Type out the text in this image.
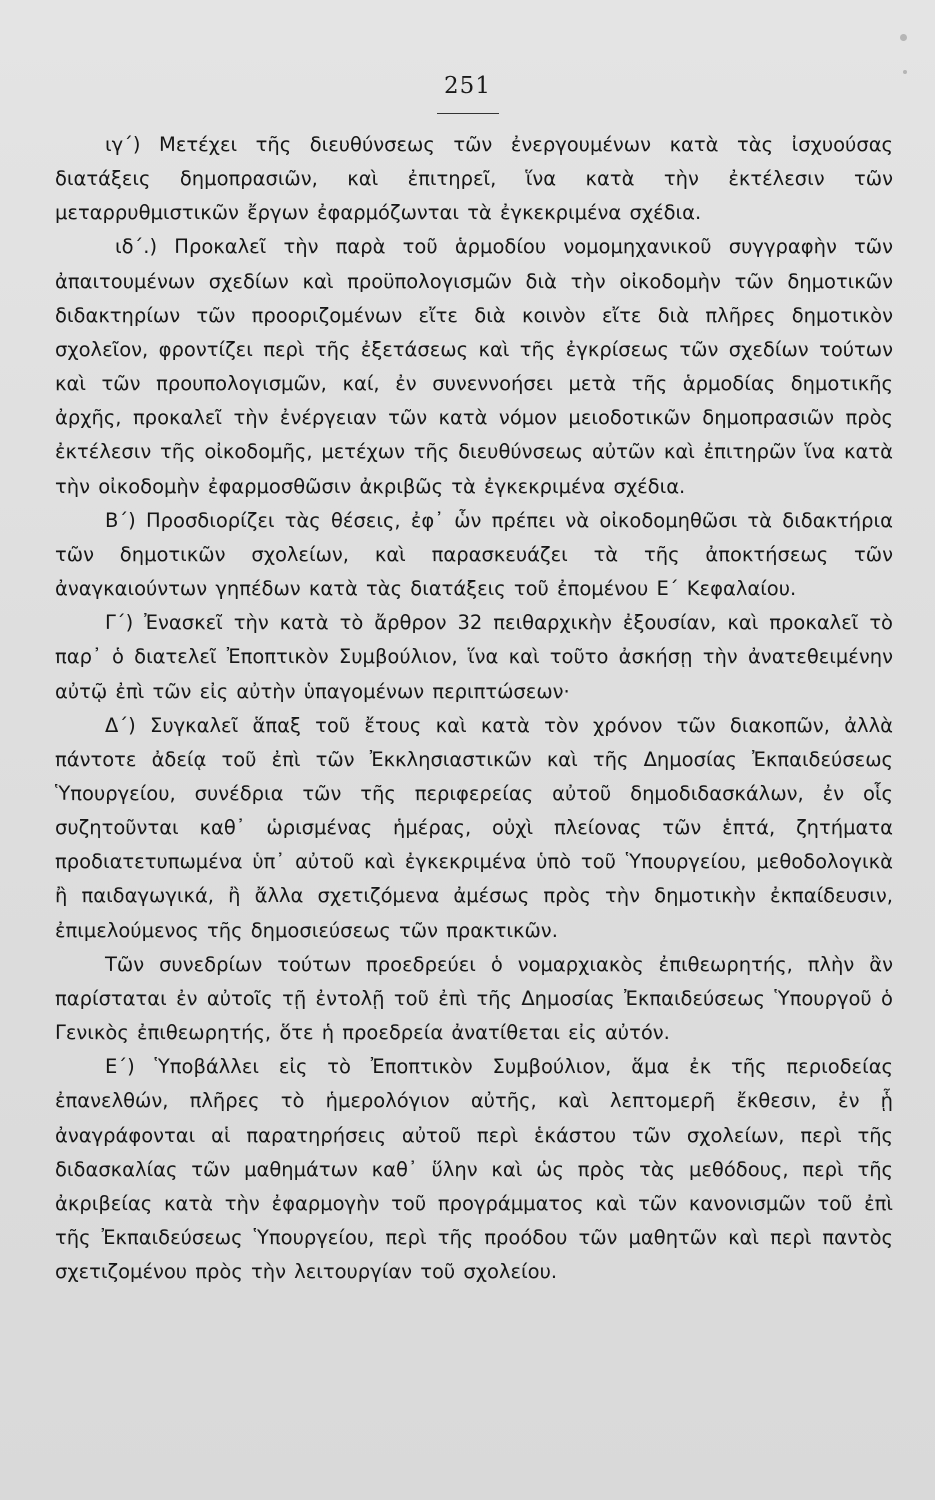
251

ιγ΄) Μετέχει τῆς διευθύνσεως τῶν ἐνεργουμένων κατὰ τὰς ἰσχυούσας διατάξεις δημοπρασιῶν, καὶ ἐπιτηρεῖ, ἵνα κατὰ τὴν ἐκτέλεσιν τῶν μεταρρυθμιστικῶν ἔργων ἐφαρμόζωνται τὰ ἐγκεκριμένα σχέδια.

ιδ΄.) Προκαλεῖ τὴν παρὰ τοῦ ἁρμοδίου νομομηχανικοῦ συγγραφὴν τῶν ἀπαιτουμένων σχεδίων καὶ προϋπολογισμῶν διὰ τὴν οἰκοδομὴν τῶν δημοτικῶν διδακτηρίων τῶν προοριζομένων εἴτε διὰ κοινὸν εἴτε διὰ πλῆρες δημοτικὸν σχολεῖον, φροντίζει περὶ τῆς ἐξετάσεως καὶ τῆς ἐγκρίσεως τῶν σχεδίων τούτων καὶ τῶν προυπολογισμῶν, καί, ἐν συνεννοήσει μετὰ τῆς ἁρμοδίας δημοτικῆς ἀρχῆς, προκαλεῖ τὴν ἐνέργειαν τῶν κατὰ νόμον μειοδοτικῶν δημοπρασιῶν πρὸς ἐκτέλεσιν τῆς οἰκοδομῆς, μετέχων τῆς διευθύνσεως αὐτῶν καὶ ἐπιτηρῶν ἵνα κατὰ τὴν οἰκοδομὴν ἐφαρμοσθῶσιν ἀκριβῶς τὰ ἐγκεκριμένα σχέδια.

Β΄) Προσδιορίζει τὰς θέσεις, ἐφ᾽ ὧν πρέπει νὰ οἰκοδομηθῶσι τὰ διδακτήρια τῶν δημοτικῶν σχολείων, καὶ παρασκευάζει τὰ τῆς ἀποκτήσεως τῶν ἀναγκαιούντων γηπέδων κατὰ τὰς διατάξεις τοῦ ἐπομένου Ε΄ Κεφαλαίου.

Γ΄) Ἐνασκεῖ τὴν κατὰ τὸ ἄρθρον 32 πειθαρχικὴν ἐξουσίαν, καὶ προκαλεῖ τὸ παρ᾽ ὁ διατελεῖ Ἐποπτικὸν Συμβούλιον, ἵνα καὶ τοῦτο ἀσκήσῃ τὴν ἀνατεθειμένην αὐτῷ ἐπὶ τῶν εἰς αὐτὴν ὑπαγομένων περιπτώσεων·

Δ΄) Συγκαλεῖ ἅπαξ τοῦ ἔτους καὶ κατὰ τὸν χρόνον τῶν διακοπῶν, ἀλλὰ πάντοτε ἀδείᾳ τοῦ ἐπὶ τῶν Ἐκκλησιαστικῶν καὶ τῆς Δημοσίας Ἐκπαιδεύσεως Ὑπουργείου, συνέδρια τῶν τῆς περιφερείας αὐτοῦ δημοδιδασκάλων, ἐν οἷς συζητοῦνται καθ᾽ ὡρισμένας ἡμέρας, οὐχὶ πλείονας τῶν ἑπτά, ζητήματα προδιατετυπωμένα ὑπ᾽ αὐτοῦ καὶ ἐγκεκριμένα ὑπὸ τοῦ Ὑπουργείου, μεθοδολογικὰ ἢ παιδαγωγικά, ἢ ἄλλα σχετιζόμενα ἀμέσως πρὸς τὴν δημοτικὴν ἐκπαίδευσιν, ἐπιμελούμενος τῆς δημοσιεύσεως τῶν πρακτικῶν.

Τῶν συνεδρίων τούτων προεδρεύει ὁ νομαρχιακὸς ἐπιθεωρητής, πλὴν ἂν παρίσταται ἐν αὐτοῖς τῇ ἐντολῇ τοῦ ἐπὶ τῆς Δημοσίας Ἐκπαιδεύσεως Ὑπουργοῦ ὁ Γενικὸς ἐπιθεωρητής, ὅτε ἡ προεδρεία ἀνατίθεται εἰς αὐτόν.

Ε΄) Ὑποβάλλει εἰς τὸ Ἐποπτικὸν Συμβούλιον, ἅμα ἐκ τῆς περιοδείας ἐπανελθών, πλῆρες τὸ ἡμερολόγιον αὐτῆς, καὶ λεπτομερῆ ἔκθεσιν, ἐν ᾗ ἀναγράφονται αἱ παρατηρήσεις αὐτοῦ περὶ ἑκάστου τῶν σχολείων, περὶ τῆς διδασκαλίας τῶν μαθημάτων καθ᾽ ὕλην καὶ ὡς πρὸς τὰς μεθόδους, περὶ τῆς ἀκριβείας κατὰ τὴν ἐφαρμογὴν τοῦ προγράμματος καὶ τῶν κανονισμῶν τοῦ ἐπὶ τῆς Ἐκπαιδεύσεως Ὑπουργείου, περὶ τῆς προόδου τῶν μαθητῶν καὶ περὶ παντὸς σχετιζομένου πρὸς τὴν λειτουργίαν τοῦ σχολείου.
